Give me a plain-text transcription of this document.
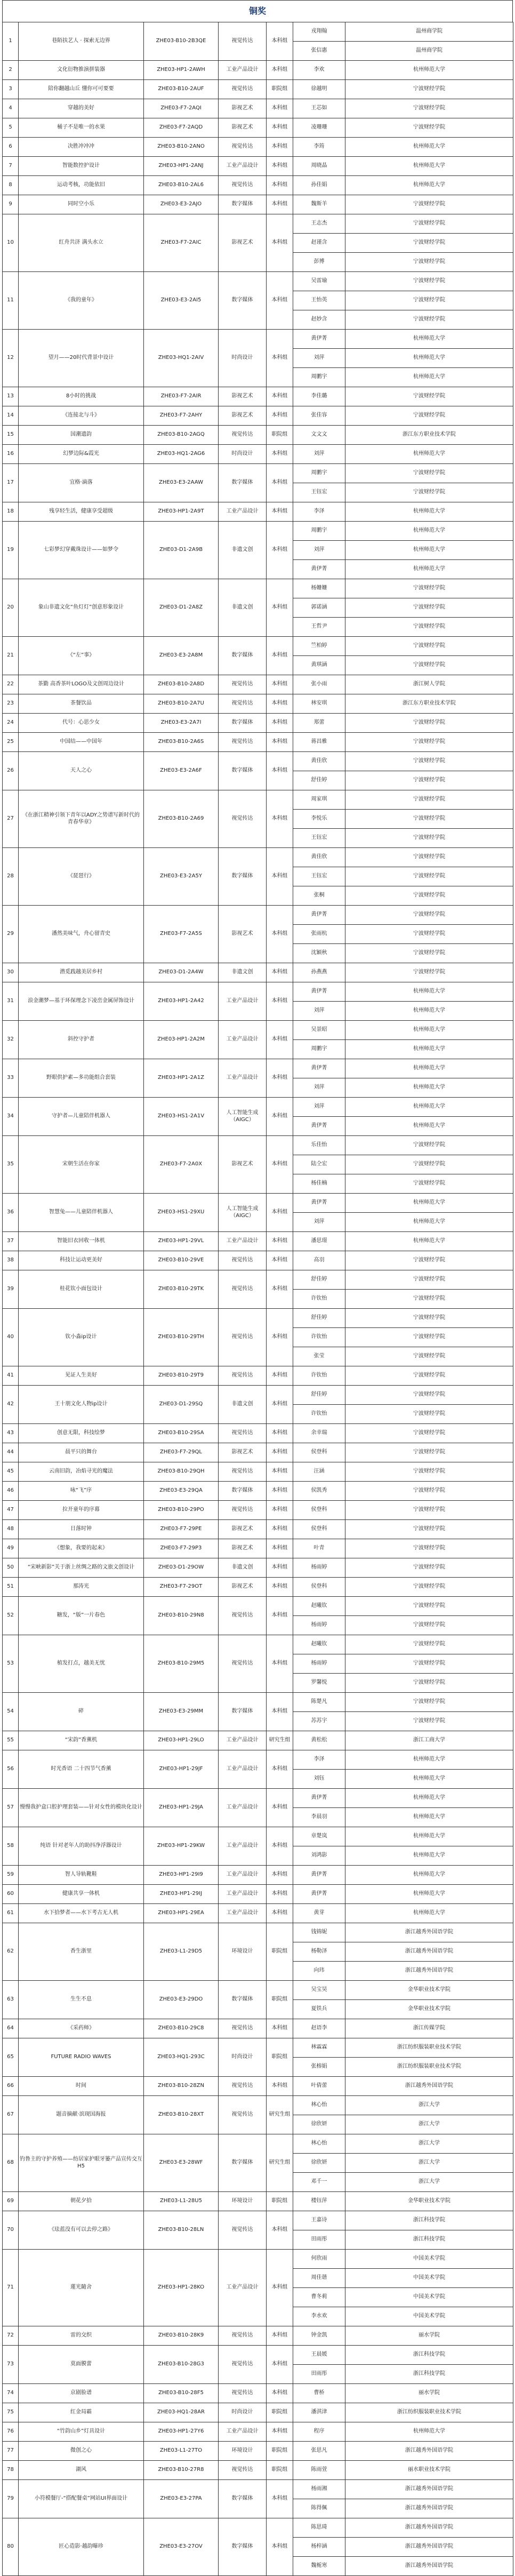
铜奖
1	巷陌扶艺人 · 探索无边界	ZHE03-B10-2B3QE	视觉传达	本科组	戎翔翰	温州商学院
					张信惠	温州商学院
2	文化衍物推演拼装器	ZHE03-HP1-2AWH	工业产品设计	本科组	李欢	杭州师范大学
3	陪你翻越山丘 懂你可可要要	ZHE03-B10-2AUF	视觉传达	职院组	徐越明	宁波财经学院
4	穿越的美好	ZHE03-F7-2AQI	影视艺术	本科组	王芯如	宁波财经学院
5	桶子不是唯一的水果	ZHE03-F7-2AQD	影视艺术	本科组	凌珊珊	宁波财经学院
6	决胜冲冲冲	ZHE03-B10-2ANO	视觉传达	本科组	李筠	杭州师范大学
7	智能数控护设计	ZHE03-HP1-2ANJ	工业产品设计	本科组	周晓晶	杭州师范大学
8	运动考核，功能依旧	ZHE03-B10-2AL6	视觉传达	本科组	孙佳娟	杭州师范大学
9	同时空小乐	ZHE03-E3-2AJO	数字媒体	本科组	魏斯羊	宁波财经学院
10	红舟共济 满头水立	ZHE03-F7-2AIC	影视艺术	本科组	王志杰	宁波财经学院
					赵谨含	宁波财经学院
					彭博	宁波财经学院
11	《我的童年》	ZHE03-E3-2AI5	数字媒体	本科组	吴雷瑜	宁波财经学院
					王怡英	宁波财经学院
					赵妙含	宁波财经学院
12	望月——20时代背景中设计	ZHE03-HQ1-2AIV	时尚设计	本科组	黄伊菁	杭州师范大学
					刘萍	杭州师范大学
					周鹏宇	杭州师范大学
13	8小时的挑战	ZHE03-F7-2AIR	影视艺术	本科组	李佳璐	宁波财经学院
14	《连接北与斗》	ZHE03-F7-2AHY	影视艺术	本科组	张佳容	宁波财经学院
15	国潮遗韵	ZHE03-B10-2AGQ	视觉传达	职院组	文文文	浙江东方职业技术学院
16	幻梦边际&霞光	ZHE03-HQ1-2AG6	时尚设计	本科组	刘萍	杭州师范大学
17	宜格·滴落	ZHE03-E3-2AAW	数字媒体	本科组	周鹏宇	宁波财经学院
					王钰宏	宁波财经学院
18	残享轻生活，健康享受超级	ZHE03-HP1-2A9T	工业产品设计	本科组	李泽	杭州师范大学
19	七彩梦幻穿戴珠设计——如梦令	ZHE03-D1-2A9B	非遗文创	本科组	周鹏宇	杭州师范大学
					刘萍	杭州师范大学
					黄伊菁	杭州师范大学
20	象山非遗文化“鱼灯灯”创意形象设计	ZHE03-D1-2A8Z	非遗文创	本科组	杨姗姗	宁波财经学院
					郭诺涵	宁波财经学院
					王哲尹	宁波财经学院
21	《“左”事》	ZHE03-E3-2A8M	数字媒体	本科组	竺柏婷	宁波财经学院
					黄琪涵	宁波财经学院
22	茶勤 高香茶叶LOGO及文创周边设计	ZHE03-B10-2A8D	视觉传达	本科组	张小雨	浙江树人学院
23	茶餐饮品	ZHE03-B10-2A7U	视觉传达	本科组	林安琪	浙江东方职业技术学院
24	代号：心思少女	ZHE03-E3-2A7I	数字媒体	本科组	郑蕾	宁波财经学院
25	中国结——中国年	ZHE03-B10-2A6S	视觉传达	本科组	蒋昌雅	宁波财经学院
26	天人之心	ZHE03-E3-2A6F	数字媒体	本科组	黄佳欣	宁波财经学院
					舒佳婷	宁波财经学院
27	《在浙江精神引领下青年以ADY之势谱写新时代的青春华章》	ZHE03-B10-2A69	视觉传达	本科组	周家琪	宁波财经学院
					李悦乐	宁波财经学院
					王钰宏	宁波财经学院
28	《琵琶行》	ZHE03-E3-2A5Y	数字媒体	本科组	黄佳欣	宁波财经学院
					王钰宏	宁波财经学院
					张桐	宁波财经学院
29	潘然美味气，舟心留青史	ZHE03-F7-2A5S	影视艺术	本科组	黄伊菁	宁波财经学院
					张雨杭	宁波财经学院
					沈颖秋	宁波财经学院
30	潜觅践越美居乡村	ZHE03-D1-2A4W	非遗文创	本科组	孙燕燕	宁波财经学院
31	浪金潮梦—基于环保理念下凌峦金属屏饰设计	ZHE03-HP1-2A42	工业产品设计	本科组	黄伊菁	杭州师范大学
					刘萍	杭州师范大学
32	斜控守护者	ZHE03-HP1-2A2M	工业产品设计	本科组	吴景昭	杭州师范大学
					周鹏宇	杭州师范大学
33	野眼供护素—多功能组合套装	ZHE03-HP1-2A1Z	工业产品设计	本科组	黄伊菁	杭州师范大学
					刘萍	杭州师范大学
34	守护者—儿童陪伴机器人	ZHE03-HS1-2A1V	人工智能生成（AIGC）	本科组	刘萍	杭州师范大学
					黄伊菁	杭州师范大学
35	宋朝生活在你家	ZHE03-F7-2A0X	影视艺术	本科组	乐佳怡	宁波财经学院
					陆仝宏	宁波财经学院
					杨佳楠	宁波财经学院
36	智慧兔——儿童陪伴机器人	ZHE03-HS1-29XU	人工智能生成（AIGC）	本科组	黄伊菁	杭州师范大学
					刘萍	杭州师范大学
37	智能旧衣回收一体机	ZHE03-HP1-29VL	工业产品设计	本科组	潘思璟	杭州师范大学
38	科技让运动更美好	ZHE03-B10-29VE	视觉传达	本科组	高羽	宁波财经学院
39	桂花钦小面包设计	ZHE03-B10-29TK	视觉传达	本科组	舒佳婷	宁波财经学院
					许钦怡	宁波财经学院
40	钦小淼ip设计	ZHE03-B10-29TH	视觉传达	本科组	舒佳婷	宁波财经学院
					许钦怡	宁波财经学院
					张莹	宁波财经学院
41	见证人生美好	ZHE03-B10-29T9	视觉传达	本科组	许钦怡	宁波财经学院
42	王十朋文化人物ip设计	ZHE03-D1-29SQ	非遗文创	本科组	舒佳婷	宁波财经学院
					许钦怡	宁波财经学院
43	创意无限，科技绘梦	ZHE03-B10-29SA	视觉传达	本科组	余幸瑞	宁波财经学院
44	晨平只的舞台	ZHE03-F7-29QL	影视艺术	本科组	侯登科	宁波财经学院
45	云南旧韵，冶焰寻光的魔法	ZHE03-B10-29QH	视觉传达	本科组	汪涵	宁波财经学院
46	咏“飞”序	ZHE03-E3-29QA	数字媒体	本科组	侯凯秀	宁波财经学院
47	拉开童年的序幕	ZHE03-B10-29PO	视觉传达	本科组	侯登科	宁波财经学院
48	日落时钟	ZHE03-F7-29PE	影视艺术	本科组	侯登科	宁波财经学院
49	《想象，我要的起来》	ZHE03-F7-29P3	影视艺术	本科组	叶青	宁波财经学院
50	“宋峡新影”关于浙上丝绸之路的文旅文创设计	ZHE03-D1-29OW	非遗文创	本科组	杨雨婷	宁波财经学院
51	那涛光	ZHE03-F7-29OT	影视艺术	本科组	侯登科	宁波财经学院
52	糖发，“版”一片春色	ZHE03-B10-29N8	视觉传达	本科组	赵曦钦	宁波财经学院
					杨雨婷	宁波财经学院
53	植发打点，越美无忧	ZHE03-B10-29M5	视觉传达	本科组	赵曦钦	宁波财经学院
					杨雨婷	宁波财经学院
					罗馨悦	宁波财经学院
54	碎	ZHE03-E3-29MM	数字媒体	本科组	陈楚凡	宁波财经学院
					苏苏宇	宁波财经学院
55	“宋韵”香薰机	ZHE03-HP1-29LO	工业产品设计	研究生组	黄松松	浙江工商大学
56	时光香语 二十四节气香薰	ZHE03-HP1-29JF	工业产品设计	本科组	李泽	杭州师范大学
					刘钰	杭州师范大学
57	慢慢我护盒口腔护理套装——针对女性的模块化设计	ZHE03-HP1-29JA	工业产品设计	本科组	黄伊菁	杭州师范大学
					李晨羽	杭州师范大学
58	纯语 针对老年人的助抖净浮器设计	ZHE03-HP1-29KW	工业产品设计	本科组	章楚岚	杭州师范大学
					刘鸿影	杭州师范大学
59	智人导轨靴鞋	ZHE03-HP1-29I9	工业产品设计	本科组	黄伊菁	杭州师范大学
60	健康共享一体机	ZHE03-HP1-29IJ	工业产品设计	本科组	黄伊菁	杭州师范大学
61	水下拾梦者——水下考古无人机	ZHE03-HP1-29EA	工业产品设计	本科组	黄芽	杭州师范大学
62	香生浙里	ZHE03-L1-29D5	环境设计	职院组	钱锦妮	浙江越秀外国语学院
					杨勒泽	浙江越秀外国语学院
					向玮	浙江越秀外国语学院
63	生生不息	ZHE03-E3-29DO	数字媒体	职院组	吴宝昊	金华职业技术学院
					夏铁兵	金华职业技术学院
64	《采药师》	ZHE03-B10-29C8	视觉传达	本科组	赵语李	浙江传媒学院
65	FUTURE RADIO WAVES	ZHE03-HQ1-293C	时尚设计	职院组	林霖霖	浙江纺织服装职业技术学院
					张榕娟	浙江纺织服装职业技术学院
66	时间	ZHE03-B10-28ZN	视觉传达	本科组	叶倩蕾	浙江越秀外国语学院
67	题音摘献·滨现国海报	ZHE03-B10-28XT	视觉传达	研究生组	林心怡	浙江大学
					徐欣妍	浙江大学
68	钓鲁主的守护养殖——纺居家护眼牙篓产品宣传交互H5	ZHE03-E3-28WF	数字媒体	研究生组	林心怡	浙江大学
					徐欣妍	浙江大学
					邓千一	浙江大学
69	朝花夕拾	ZHE03-L1-28U5	环境设计	职院组	楼钰萍	金华职业技术学院
70	《珐蓝没有可以去停之路》	ZHE03-B10-28LN	视觉传达	本科组	王嘉诗	浙江科技学院
					田雨彤	浙江科技学院
71	蓮光隨舍	ZHE03-HP1-28KO	工业产品设计	本科组	何欣雨	中国美术学院
					周佳谐	中国美术学院
					曹冬莉	中国美术学院
					李水欢	中国美术学院
72	雷的交织	ZHE03-B10-28K9	视觉传达	本科组	钟金凯	丽水学院
73	莫面膜蕾	ZHE03-B10-28G3	视觉传达	本科组	王晨媛	浙江科技学院
					田雨彤	浙江科技学院
74	京剧脸谱	ZHE03-B10-28F5	视觉传达	本科组	曹桥	丽水学院
75	红金局霸	ZHE03-HQ1-28AR	时尚设计	职院组	潘淇津	浙江纺织服装职业技术学院
76	“竹韵山乡”灯具设计	ZHE03-HP1-27Y6	工业产品设计	本科组	程序	杭州师范大学
77	微创之心	ZHE03-L1-27TO	环境设计	职院组	张思凡	浙江越秀外国语学院
78	湖风	ZHE03-B10-27R8	视觉传达	职院组	陈雨萱	丽水职业技术学院
79	小符模餐厅-“搭配餐桌”网站UI界面设计	ZHE03-E3-27PA	数字媒体	本科组	杨雨湘	浙江越秀外国语学院
					陈得佩	浙江越秀外国语学院
80	匠心造影·越韵曝珍	ZHE03-E3-27OV	数字媒体	本科组	陈思琦	浙江越秀外国语学院
					杨梓涵	浙江越秀外国语学院
					魏栀寒	浙江越秀外国语学院
